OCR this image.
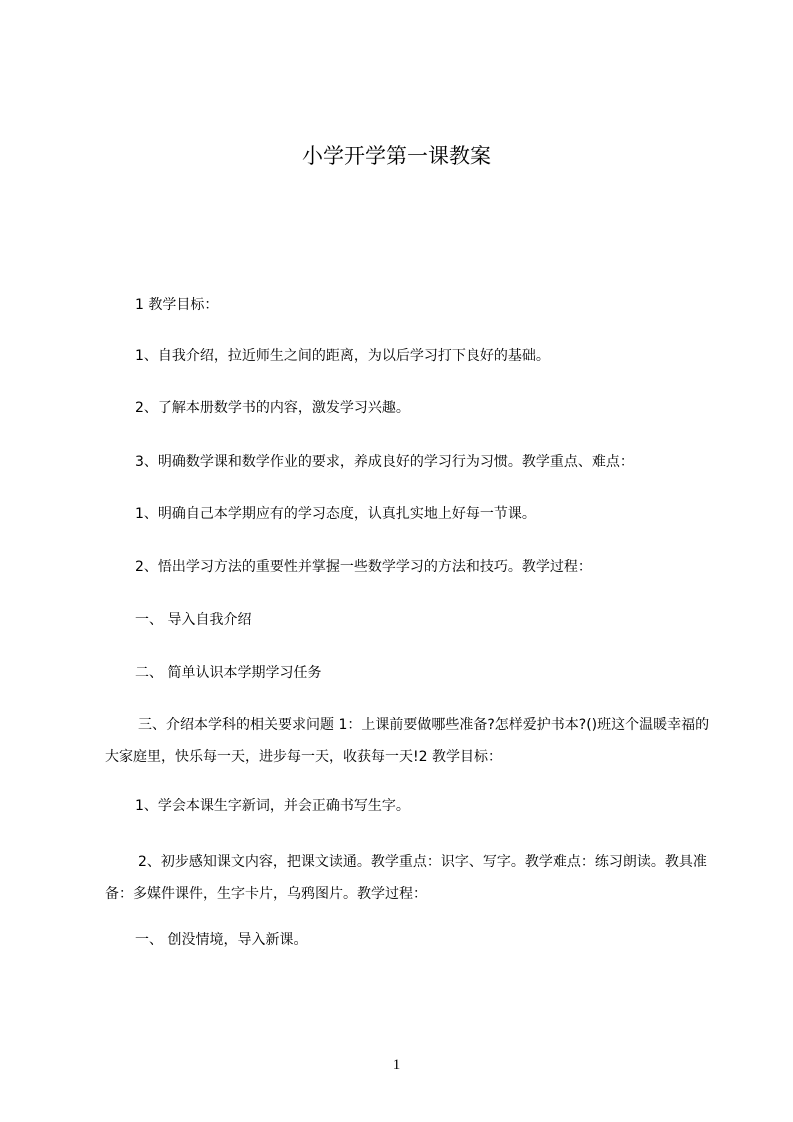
小学开学第一课教案
1 教学目标：
1、自我介绍，拉近师生之间的距离，为以后学习打下良好的基础。
2、了解本册数学书的内容，激发学习兴趣。
3、明确数学课和数学作业的要求，养成良好的学习行为习惯。教学重点、难点：
1、明确自己本学期应有的学习态度，认真扎实地上好每一节课。
2、悟出学习方法的重要性并掌握一些数学学习的方法和技巧。教学过程：
一、 导入自我介绍
二、 简单认识本学期学习任务
三、介绍本学科的相关要求问题 1：上课前要做哪些准备?怎样爱护书本?()班这个温暖幸福的大家庭里，快乐每一天，进步每一天，收获每一天!2 教学目标：
1、学会本课生字新词，并会正确书写生字。
2、初步感知课文内容，把课文读通。教学重点：识字、写字。教学难点：练习朗读。教具准备：多媒件课件，生字卡片，乌鸦图片。教学过程：
一、 创没情境，导入新课。
1
